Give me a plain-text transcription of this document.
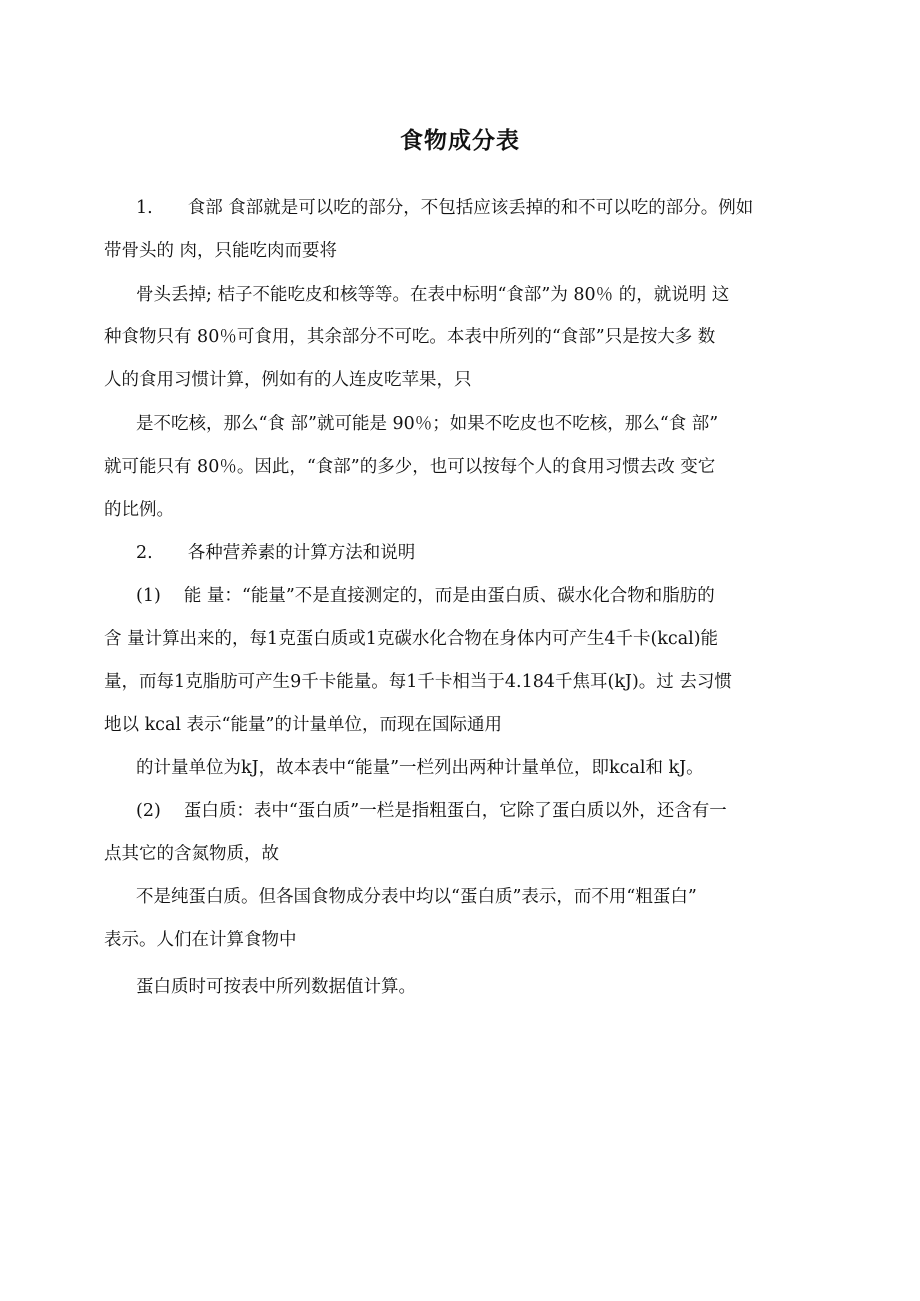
食物成分表

1.　　食部 食部就是可以吃的部分，不包括应该丢掉的和不可以吃的部分。例如

带骨头的 肉，只能吃肉而要将

骨头丢掉; 桔子不能吃皮和核等等。在表中标明“食部”为 80％ 的，就说明 这

种食物只有 80％可食用，其余部分不可吃。本表中所列的“食部”只是按大多 数

人的食用习惯计算，例如有的人连皮吃苹果，只

是不吃核，那么“食 部”就可能是 90％；如果不吃皮也不吃核，那么“食 部”

就可能只有 80％。因此，“食部”的多少，也可以按每个人的食用习惯去改 变它

的比例。

2.　　各种营养素的计算方法和说明

(1)　 能 量：“能量”不是直接测定的，而是由蛋白质、碳水化合物和脂肪的

含 量计算出来的，每1克蛋白质或1克碳水化合物在身体内可产生4千卡(kcal)能

量，而每1克脂肪可产生9千卡能量。每1千卡相当于4.184千焦耳(kJ)。过 去习惯

地以 kcal 表示“能量”的计量单位，而现在国际通用

的计量单位为kJ，故本表中“能量”一栏列出两种计量单位，即kcal和 kJ。

(2)　 蛋白质：表中“蛋白质”一栏是指粗蛋白，它除了蛋白质以外，还含有一

点其它的含氮物质，故

不是纯蛋白质。但各国食物成分表中均以“蛋白质”表示，而不用“粗蛋白”

表示。人们在计算食物中

蛋白质时可按表中所列数据值计算。
